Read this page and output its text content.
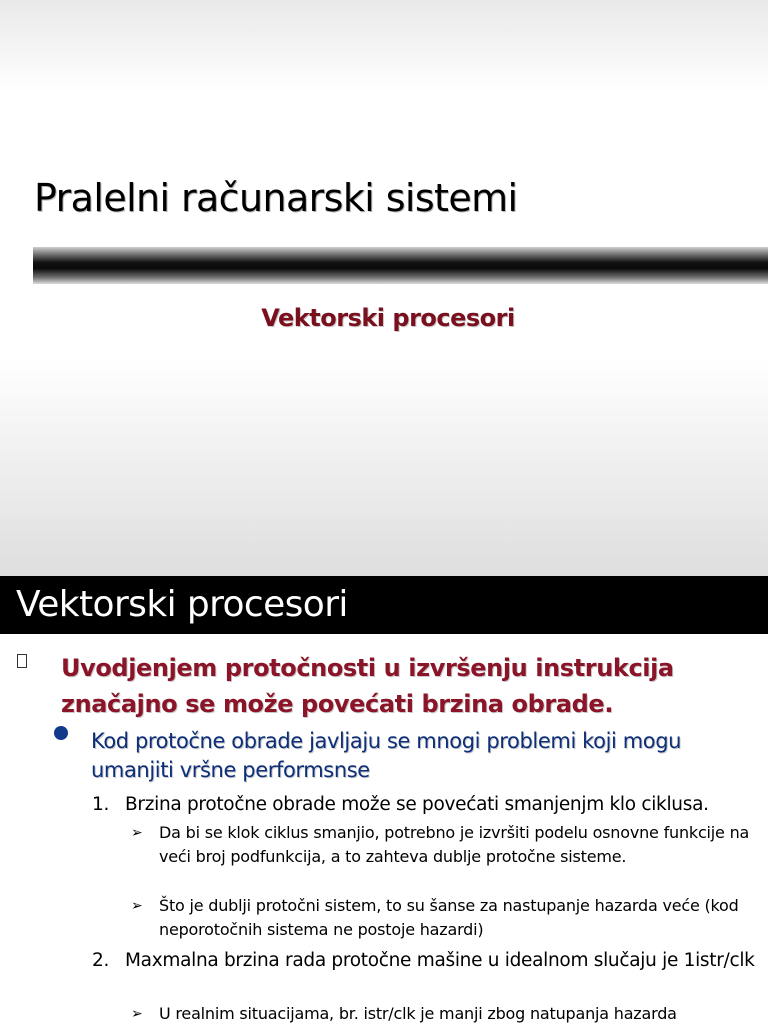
Pralelni računarski sistemi
Vektorski procesori
Vektorski procesori

Uvodjenjem protočnosti u izvršenju instrukcija značajno se može povećati brzina obrade.

Kod protočne obrade javljaju se mnogi problemi koji mogu umanjiti vršne performsnse

1. Brzina protočne obrade može se povećati smanjenjm klo ciklusa.

➢ Da bi se klok ciklus smanjio, potrebno je izvršiti podelu osnovne funkcije na veći broj podfunkcija, a to zahteva dublje protočne sisteme.

➢ Što je dublji protočni sistem, to su šanse za nastupanje hazarda veće (kod neporotočnih sistema ne postoje hazardi)

2. Maxmalna brzina rada protočne mašine u idealnom slučaju je 1istr/clk

➢ U realnim situacijama, br. istr/clk je manji zbog natupanja hazarda
